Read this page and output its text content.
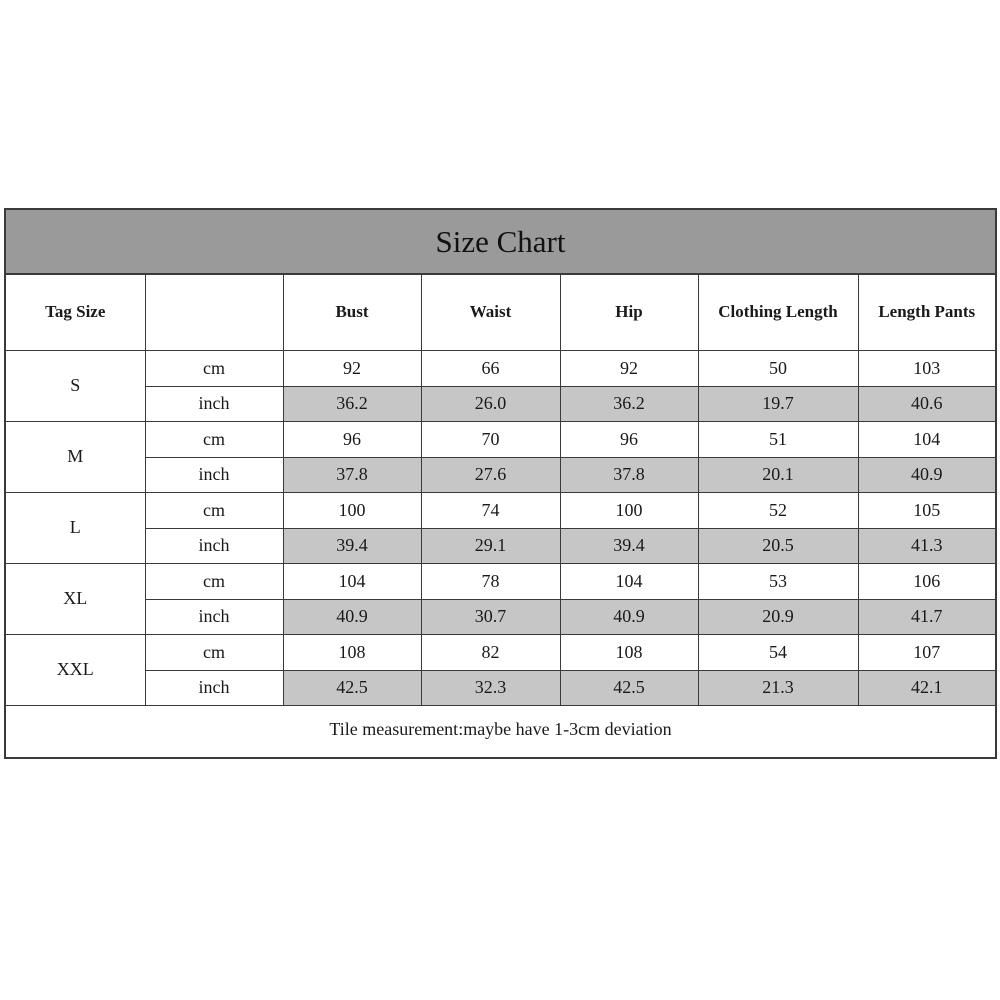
Size Chart
Tag Size		Bust	Waist	Hip	Clothing Length	Length Pants
S	cm	92	66	92	50	103
	inch	36.2	26.0	36.2	19.7	40.6
M	cm	96	70	96	51	104
	inch	37.8	27.6	37.8	20.1	40.9
L	cm	100	74	100	52	105
	inch	39.4	29.1	39.4	20.5	41.3
XL	cm	104	78	104	53	106
	inch	40.9	30.7	40.9	20.9	41.7
XXL	cm	108	82	108	54	107
	inch	42.5	32.3	42.5	21.3	42.1
Tile measurement:maybe have 1-3cm deviation						
